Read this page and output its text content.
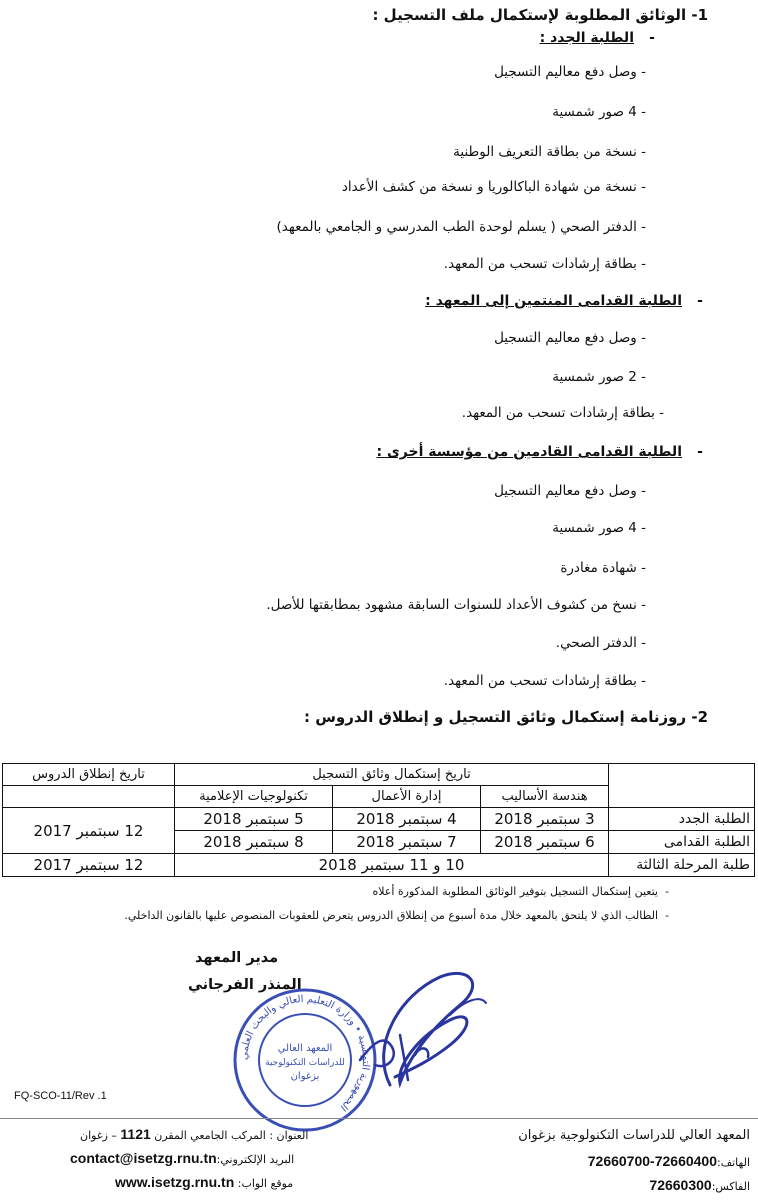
1- الوثائق المطلوبة لإستكمال ملف التسجيل :
-الطلبة الجدد :
- وصل دفع معاليم التسجيل
- 4 صور شمسية
- نسخة من بطاقة التعريف الوطنية
- نسخة من شهادة الباكالوريا و نسخة من كشف الأعداد
- الدفتر الصحي ( يسلم لوحدة الطب المدرسي و الجامعي بالمعهد)
- بطاقة إرشادات تسحب من المعهد.
-الطلبة القدامى المنتمين إلى المعهد :
- وصل دفع معاليم التسجيل
- 2 صور شمسية
- بطاقة إرشادات تسحب من المعهد.
-الطلبة القدامى القادمين من مؤسسة أخرى :
- وصل دفع معاليم التسجيل
- 4 صور شمسية
- شهادة مغادرة
- نسخ من كشوف الأعداد للسنوات السابقة مشهود بمطابقتها للأصل.
- الدفتر الصحي.
- بطاقة إرشادات تسحب من المعهد.
2- روزنامة إستكمال وثائق التسجيل و إنطلاق الدروس :
	تاريخ إستكمال وثائق التسجيل			تاريخ إنطلاق الدروس
	هندسة الأساليب	إدارة الأعمال	تكنولوجيات الإعلامية	
الطلبة الجدد	3 سبتمبر 2018	4 سبتمبر 2018	5 سبتمبر 2018	12 سبتمبر 2017
الطلبة القدامى	6 سبتمبر 2018	7 سبتمبر 2018	8 سبتمبر 2018	
طلبة المرحلة الثالثة	10 و 11 سبتمبر 2018			12 سبتمبر 2017
-يتعين إستكمال التسجيل بتوفير الوثائق المطلوبة المذكورة أعلاه
-الطالب الذي لا يلتحق بالمعهد خلال مدة أسبوع من إنطلاق الدروس يتعرض للعقوبات المنصوص عليها بالقانون الداخلي.
مدير المعهد
المنذر الفرجاني
الجمهورية التونسية • وزارة التعليم العالي والبحث العلمي
المعهد العالي
للدراسات التكنولوجية
بزغوان
FQ-SCO-11/Rev .1
المعهد العالي للدراسات التكنولوجية بزغوان
الهاتف:72660400-72660700
الفاكس:72660300
العنوان : المركب الجامعي المقرن 1121 – زغوان
البريد الإلكتروني:contact@isetzg.rnu.tn
موقع الواب: www.isetzg.rnu.tn
